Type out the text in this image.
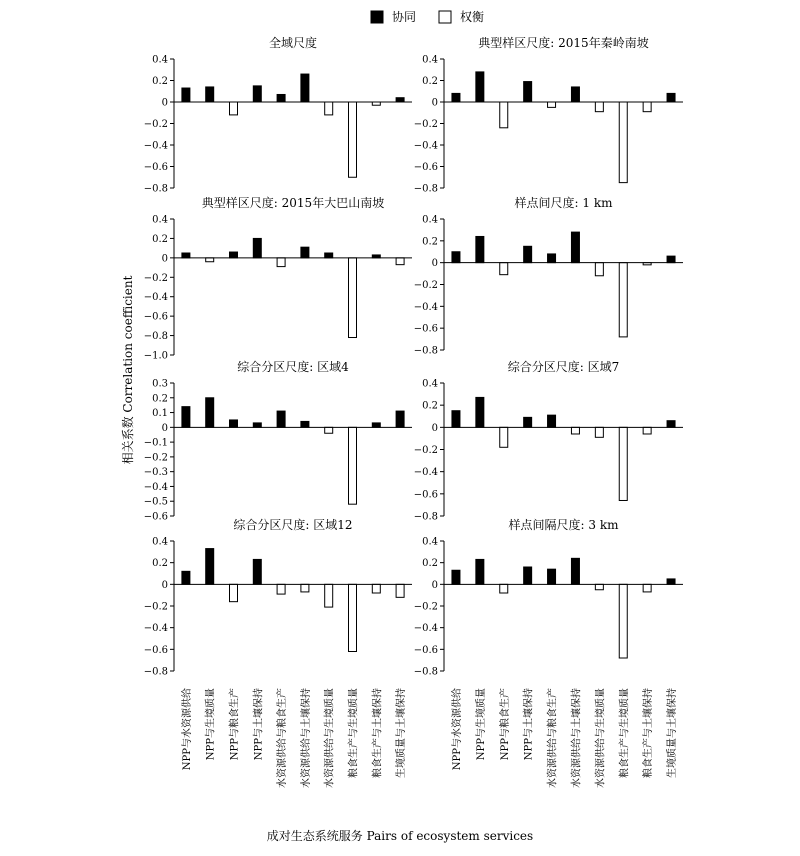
协同	权衡
全域尺度
0.4
0.2
0
−0.2
−0.4
−0.6
−0.8
典型样区尺度: 2015年秦岭南坡
0.4
0.2
0
−0.2
−0.4
−0.6
−0.8
典型样区尺度: 2015年大巴山南坡
0.4
0.2
0
−0.2
−0.4
−0.6
−0.8
−1.0
样点间尺度: 1 km
0.4
0.2
0
−0.2
−0.4
−0.6
−0.8
综合分区尺度: 区域4
0.3
0.2
0.1
0
−0.1
−0.2
−0.3
−0.4
−0.5
−0.6
综合分区尺度: 区域7
0.4
0.2
0
−0.2
−0.4
−0.6
−0.8
综合分区尺度: 区域12
0.4
0.2
0
−0.2
−0.4
−0.6
−0.8
样点间隔尺度: 3 km
0.4
0.2
0
−0.2
−0.4
−0.6
−0.8
NPP与水资源供给 NPP与生境质量 NPP与粮食生产 NPP与土壤保持 水资源供给与粮食生产 水资源供给与土壤保持 水资源供给与生境质量 粮食生产与生境质量 粮食生产与土壤保持 生境质量与土壤保持	NPP与水资源供给 NPP与生境质量 NPP与粮食生产 NPP与土壤保持 水资源供给与粮食生产 水资源供给与土壤保持 水资源供给与生境质量 粮食生产与生境质量 粮食生产与土壤保持 生境质量与土壤保持
相关系数 Correlation coefficient
成对生态系统服务 Pairs of ecosystem services
